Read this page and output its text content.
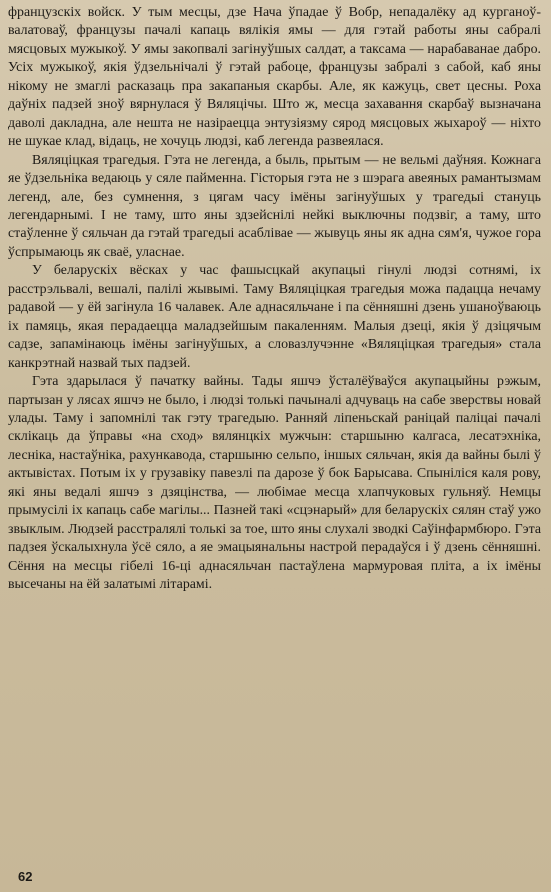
французскіх войск. У тым месцы, дзе Нача ўпадае ў Вобр, непадалёку ад курганоў-валатоваў, французы пачалі капаць вялікія ямы — для гэтай работы яны сабралі мясцовых мужыкоў. У ямы закопвалі загінуўшых салдат, а таксама — нарабаванае дабро. Усіх мужыкоў, якія ўдзельнічалі ў гэтай рабоце, французы забралі з сабой, каб яны нікому не змаглі расказаць пра закапаныя скарбы. Але, як кажуць, свет цесны. Роха даўніх падзей зноў вярнулася ў Вяляцічы. Што ж, месца захавання скарбаў вызначана даволі дакладна, але нешта не назіраецца энтузіязму сярод мясцовых жыхароў — ніхто не шукае клад, відаць, не хочуць людзі, каб легенда развеялася.

Вяляцiцкая трагедыя. Гэта не легенда, а быль, прытым — не вельмі даўняя. Кожнага яе ўдзельніка ведаюць у сяле пайменна. Гісторыя гэта не з шэрага авеяных рамантызмам легенд, але, без сумнення, з цягам часу імёны загінуўшых у трагедыі стануць легендарнымі. І не таму, што яны здзейснілі нейкі выключны подзвіг, а таму, што стаўленне ў сяльчан да гэтай трагедыі асаблівае — жывуць яны як адна сям'я, чужое гора ўспрымаюць як сваё, уласнае.

У беларускіх вёсках у час фашысцкай акупацыі гінулі людзі сотнямі, іх расстрэльвалі, вешалі, палілі жывымі. Таму Вяляцiцкая трагедыя можа падацца нечаму радавой — у ёй загінула 16 чалавек. Але аднасяльчане і па сённяшні дзень ушаноўваюць іх памяць, якая перадаецца маладзейшым пакаленням. Малыя дзеці, якія ў дзіцячым садзе, запамінаюць імёны загінуўшых, а словазлучэнне «Вяляцiцкая трагедыя» стала канкрэтнай назвай тых падзей.

Гэта здарылася ў пачатку вайны. Тады яшчэ ўсталёўваўся акупацыйны рэжым, партызан у лясах яшчэ не было, і людзі толькі пачыналі адчуваць на сабе зверствы новай улады. Таму і запомнілі так гэту трагедыю. Ранняй ліпеньскай раніцай паліцаі пачалі склікаць да ўправы «на сход» вялянцкіх мужчын: старшыню калгаса, лесатэхніка, лесніка, настаўніка, рахункавода, старшыню сельпо, іншых сяльчан, якія да вайны былі ў актывістах. Потым іх у грузавіку павезлі па дарозе ў бок Барысава. Спыніліся каля рову, які яны ведалі яшчэ з дзяцінства, — любімае месца хлапчуковых гульняў. Немцы прымусілі іх капаць сабе магілы... Пазней такі «сцэнарый» для беларускіх сялян стаў ужо звыклым. Людзей расстралялі толькі за тое, што яны слухалі зводкі Саўінфармбюро. Гэта падзея ўскалыхнула ўсё сяло, а яе эмацыянальны настрой перадаўся і ў дзень сённяшні. Сёння на месцы гібелі 16-ці аднасяльчан пастаўлена мармуровая пліта, а іх імёны высечаны на ёй залатымі літарамі.

62
